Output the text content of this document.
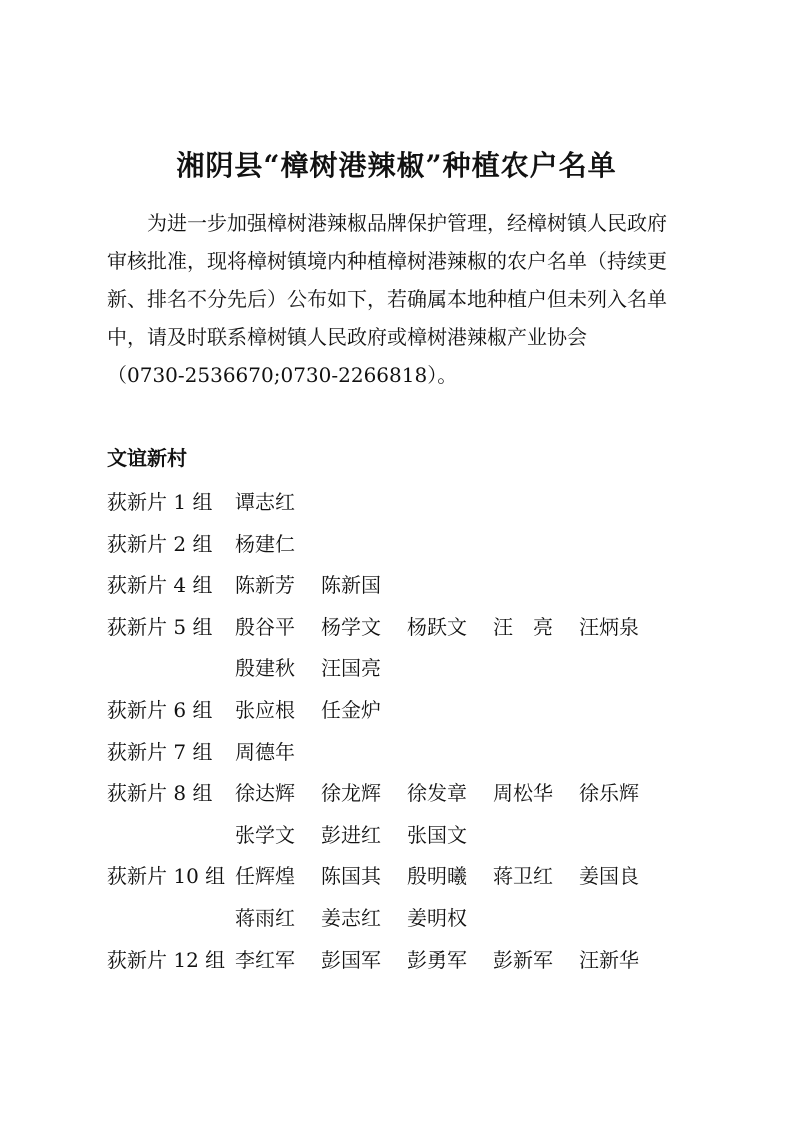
湘阴县“樟树港辣椒”种植农户名单
为进一步加强樟树港辣椒品牌保护管理，经樟树镇人民政府
审核批准，现将樟树镇境内种植樟树港辣椒的农户名单（持续更
新、排名不分先后）公布如下，若确属本地种植户但未列入名单
中，请及时联系樟树镇人民政府或樟树港辣椒产业协会
（0730-2536670;0730-2266818）。
文谊新村
荻新片 1 组 谭志红
荻新片 2 组 杨建仁
荻新片 4 组 陈新芳 陈新国
荻新片 5 组 殷谷平 杨学文 杨跃文 汪　亮 汪炳泉
殷建秋 汪国亮
荻新片 6 组 张应根 任金炉
荻新片 7 组 周德年
荻新片 8 组 徐达辉 徐龙辉 徐发章 周松华 徐乐辉
张学文 彭进红 张国文
荻新片 10 组 任辉煌 陈国其 殷明曦 蒋卫红 姜国良
蒋雨红 姜志红 姜明权
荻新片 12 组 李红军 彭国军 彭勇军 彭新军 汪新华
